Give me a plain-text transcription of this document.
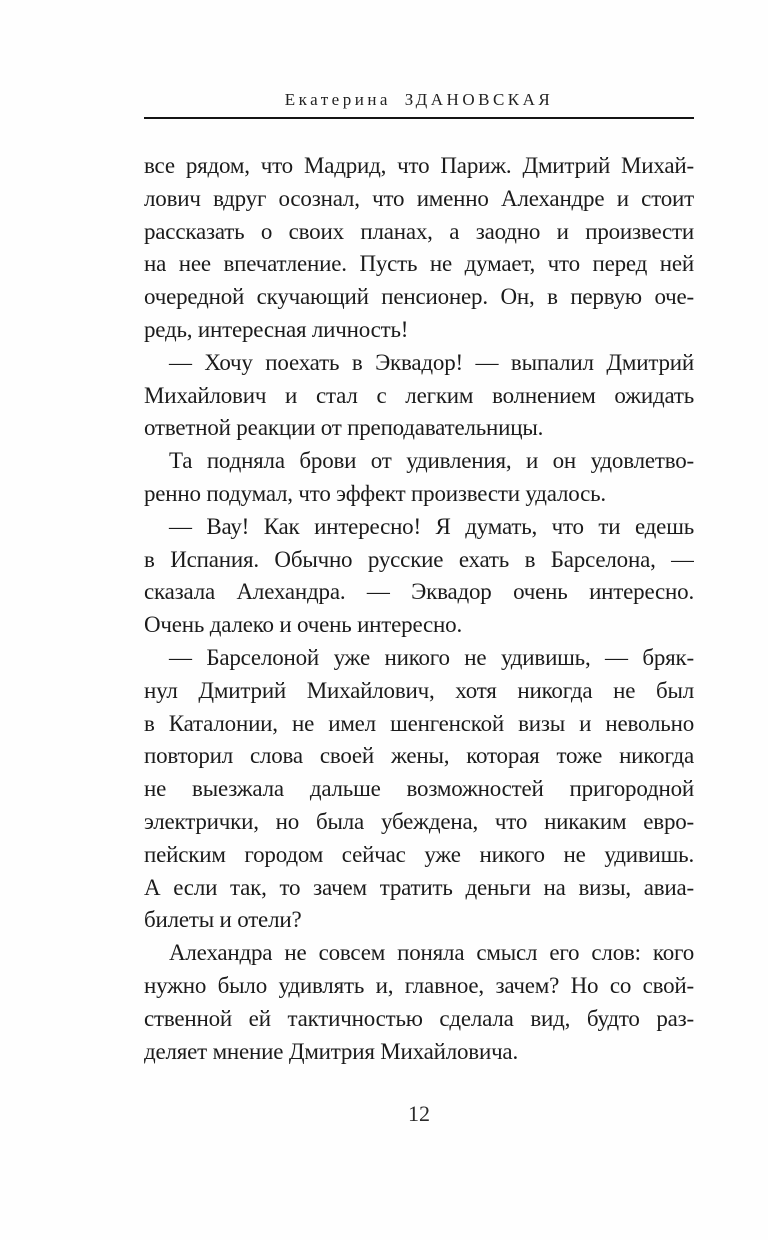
Екатерина ЗДАНОВСКАЯ
все рядом, что Мадрид, что Париж. Дмитрий Михай-
лович вдруг осознал, что именно Алехандре и стоит
рассказать о своих планах, а заодно и произвести
на нее впечатление. Пусть не думает, что перед ней
очередной скучающий пенсионер. Он, в первую оче-
редь, интересная личность!
— Хочу поехать в Эквадор! — выпалил Дмитрий
Михайлович и стал с легким волнением ожидать
ответной реакции от преподавательницы.
Та подняла брови от удивления, и он удовлетво-
ренно подумал, что эффект произвести удалось.
— Вау! Как интересно! Я думать, что ти едешь
в Испания. Обычно русские ехать в Барселона, —
сказала Алехандра. — Эквадор очень интересно.
Очень далеко и очень интересно.
— Барселоной уже никого не удивишь, — бряк-
нул Дмитрий Михайлович, хотя никогда не был
в Каталонии, не имел шенгенской визы и невольно
повторил слова своей жены, которая тоже никогда
не выезжала дальше возможностей пригородной
электрички, но была убеждена, что никаким евро-
пейским городом сейчас уже никого не удивишь.
А если так, то зачем тратить деньги на визы, авиа-
билеты и отели?
Алехандра не совсем поняла смысл его слов: кого
нужно было удивлять и, главное, зачем? Но со свой-
ственной ей тактичностью сделала вид, будто раз-
деляет мнение Дмитрия Михайловича.
12
